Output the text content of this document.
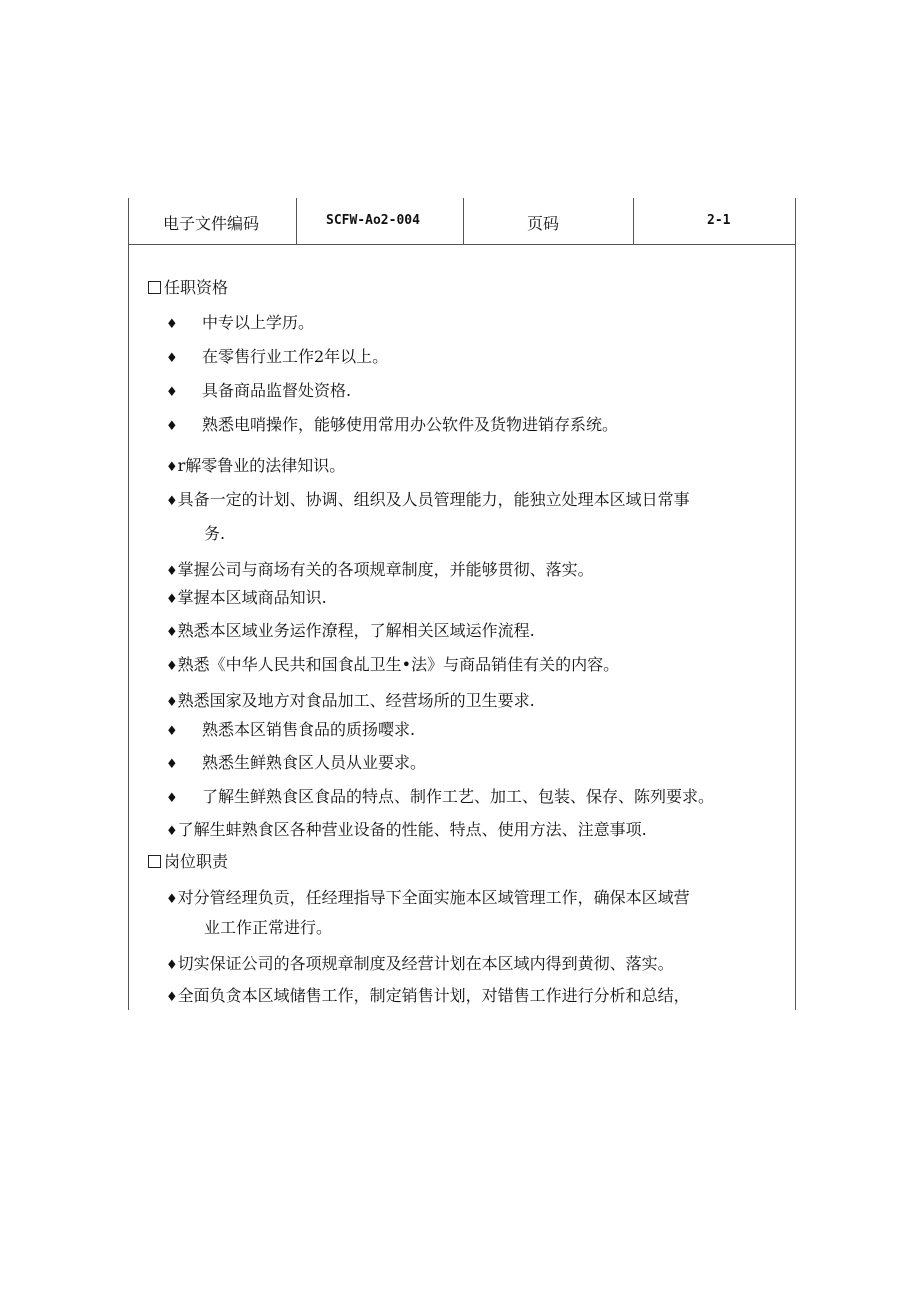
电子文件编码	SCFW-Ao2-004	页码	2-1
任职资格
♦ 中专以上学历。
♦ 在零售行业工作2年以上。
♦ 具备商品监督处资格.
♦ 熟悉电哨操作，能够使用常用办公软件及货物进销存系统。
♦r解零鲁业的法律知识。
♦具备一定的计划、协调、组织及人员管理能力，能独立处理本区域日常事
务.
♦掌握公司与商场有关的各项规章制度，并能够贯彻、落实。
♦掌握本区域商品知识.
♦熟悉本区域业务运作潦程，了解相关区域运作流程.
♦熟悉《中华人民共和国食乩卫生•法》与商品销佳有关的内容。
♦熟悉国家及地方对食品加工、经营场所的卫生要求.
♦ 熟悉本区销售食品的质扬嘤求.
♦ 熟悉生鲜熟食区人员从业要求。
♦ 了解生鲜熟食区食品的特点、制作工艺、加工、包装、保存、陈列要求。
♦了解生蚌熟食区各种营业设备的性能、特点、使用方法、注意事项.
岗位职责
♦对分管经理负贡，任经理指导下全面实施本区域管理工作，确保本区域营
业工作正常进行。
♦切实保证公司的各项规章制度及经营计划在本区域内得到黄彻、落实。
♦全面负贪本区域储售工作，制定销售计划，对错售工作进行分析和总结，
